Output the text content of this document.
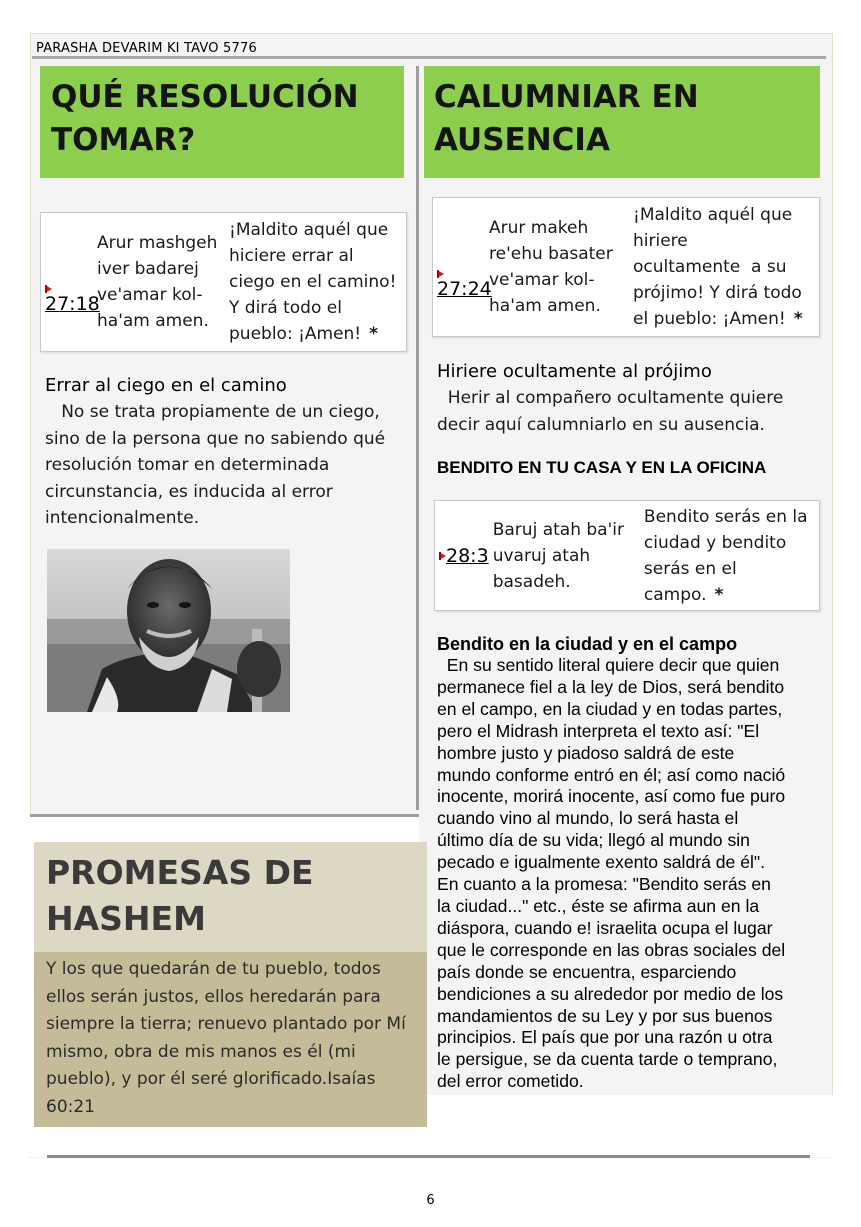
PARASHA DEVARIM KI TAVO 5776
6
QUÉ RESOLUCIÓN
TOMAR?
CALUMNIAR EN
AUSENCIA
27:18
Arur mashgeh
iver badarej
ve'amar kol-
ha'am amen.
¡Maldito aquél que
hiciere errar al
ciego en el camino!
Y dirá todo el
pueblo: ¡Amen! *
Errar al ciego en el camino
No se trata propiamente de un ciego,
sino de la persona que no sabiendo qué
resolución tomar en determinada
circunstancia, es inducida al error
intencionalmente.
27:24
Arur makeh
re'ehu basater
ve'amar kol-
ha'am amen.
¡Maldito aquél que
hiriere
ocultamente  a su
prójimo! Y dirá todo
el pueblo: ¡Amen! *
Hiriere ocultamente al prójimo
Herir al compañero ocultamente quiere
decir aquí calumniarlo en su ausencia.
BENDITO EN TU CASA Y EN LA OFICINA
28:3
Baruj atah ba'ir
uvaruj atah
basadeh.
Bendito serás en la
ciudad y bendito
serás en el campo. *
Bendito en la ciudad y en el campo
En su sentido literal quiere decir que quien
permanece fiel a la ley de Dios, será bendito
en el campo, en la ciudad y en todas partes,
pero el Midrash interpreta el texto así: "El
hombre justo y piadoso saldrá de este
mundo conforme entró en él; así como nació
inocente, morirá inocente, así como fue puro
cuando vino al mundo, lo será hasta el
último día de su vida; llegó al mundo sin
pecado e igualmente exento saldrá de él".
En cuanto a la promesa: "Bendito serás en
la ciudad..." etc., éste se afirma aun en la
diáspora, cuando e! israelita ocupa el lugar
que le corresponde en las obras sociales del
país donde se encuentra, esparciendo
bendiciones a su alrededor por medio de los
mandamientos de su Ley y por sus buenos
principios. El país que por una razón u otra
le persigue, se da cuenta tarde o temprano,
del error cometido.
PROMESAS DE
HASHEM

Y los que quedarán de tu pueblo, todos
ellos serán justos, ellos heredarán para
siempre la tierra; renuevo plantado por Mí
mismo, obra de mis manos es él (mi
pueblo), y por él seré glorificado.Isaías 60:21
